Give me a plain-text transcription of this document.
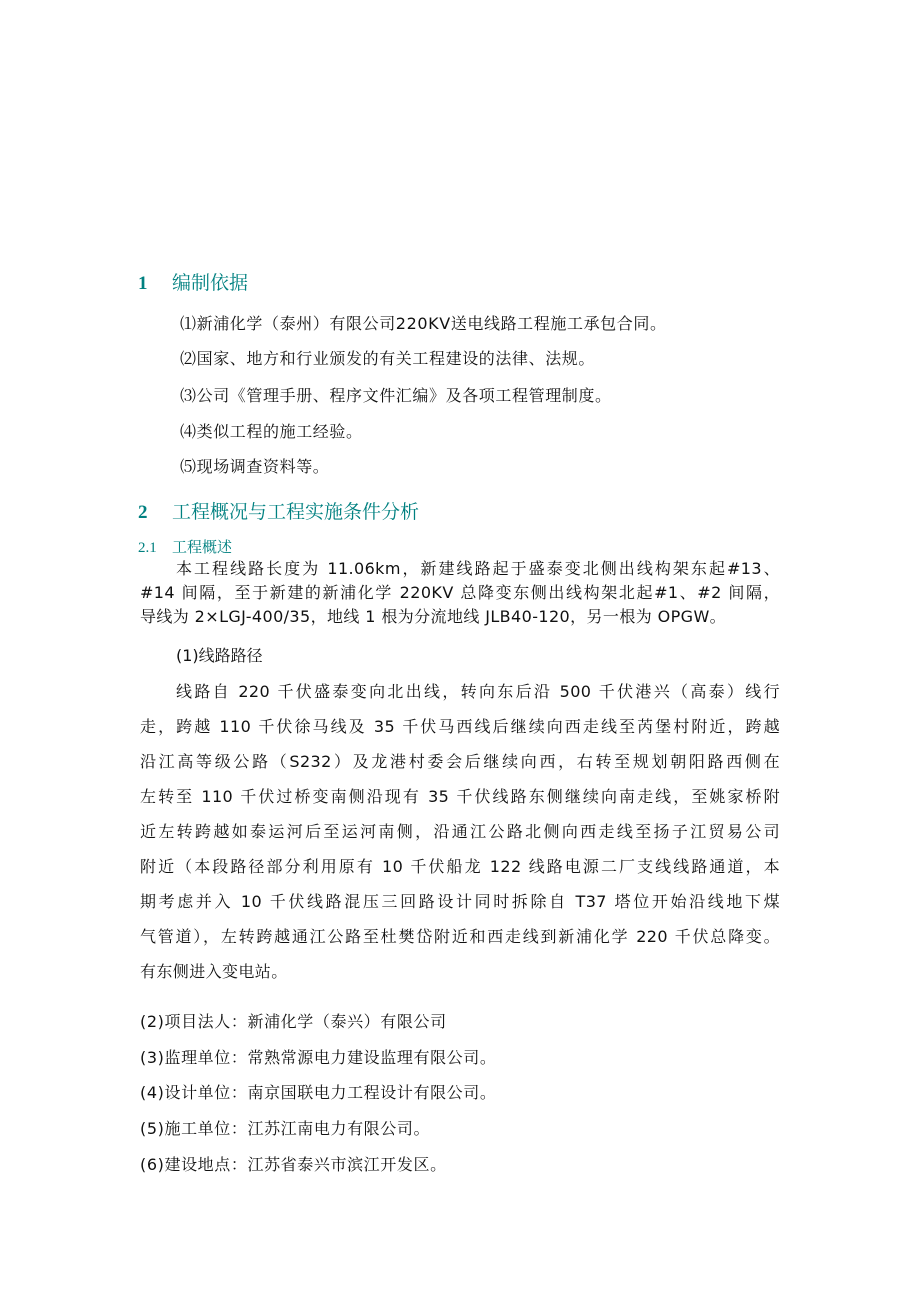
1 编制依据
⑴新浦化学（泰州）有限公司220KV送电线路工程施工承包合同。
⑵国家、地方和行业颁发的有关工程建设的法律、法规。
⑶公司《管理手册、程序文件汇编》及各项工程管理制度。
⑷类似工程的施工经验。
⑸现场调查资料等。
2 工程概况与工程实施条件分析
2.1 工程概述
本工程线路长度为 11.06km，新建线路起于盛泰变北侧出线构架东起#13、
#14 间隔，至于新建的新浦化学 220KV 总降变东侧出线构架北起#1、#2 间隔，
导线为 2×LGJ-400/35，地线 1 根为分流地线 JLB40-120，另一根为 OPGW。
(1)线路路径
线路自 220 千伏盛泰变向北出线，转向东后沿 500 千伏港兴（高泰）线行
走，跨越 110 千伏徐马线及 35 千伏马西线后继续向西走线至芮堡村附近，跨越
沿江高等级公路（S232）及龙港村委会后继续向西，右转至规划朝阳路西侧在
左转至 110 千伏过桥变南侧沿现有 35 千伏线路东侧继续向南走线，至姚家桥附
近左转跨越如泰运河后至运河南侧，沿通江公路北侧向西走线至扬子江贸易公司
附近（本段路径部分利用原有 10 千伏船龙 122 线路电源二厂支线线路通道，本
期考虑并入 10 千伏线路混压三回路设计同时拆除自 T37 塔位开始沿线地下煤
气管道），左转跨越通江公路至杜樊岱附近和西走线到新浦化学 220 千伏总降变。
有东侧进入变电站。
(2)项目法人：新浦化学（泰兴）有限公司
(3)监理单位：常熟常源电力建设监理有限公司。
(4)设计单位：南京国联电力工程设计有限公司。
(5)施工单位：江苏江南电力有限公司。
(6)建设地点：江苏省泰兴市滨江开发区。
